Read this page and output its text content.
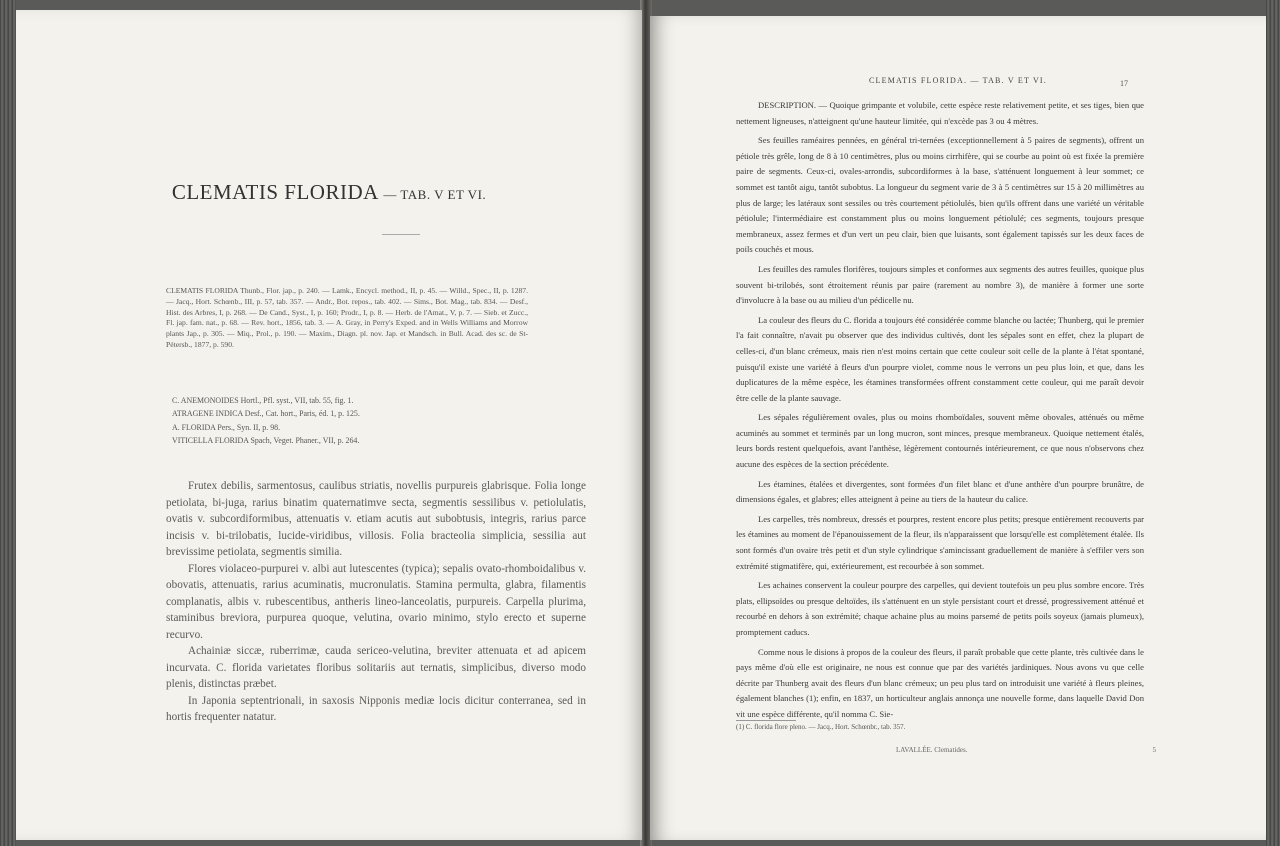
CLEMATIS FLORIDA — TAB. V ET VI.

CLEMATIS FLORIDA Thunb., Flor. jap., p. 240. — Lamk., Encycl. method., II, p. 45. — Willd., Spec., II, p. 1287. — Jacq., Hort. Schœnb., III, p. 57, tab. 357. — Andr., Bot. repos., tab. 402. — Sims., Bot. Mag., tab. 834. — Desf., Hist. des Arbres, I, p. 268. — De Cand., Syst., I, p. 160; Prodr., I, p. 8. — Herb. de l'Amat., V, p. 7. — Sieb. et Zucc., Fl. jap. fam. nat., p. 68. — Rev. hort., 1856, tab. 3. — A. Gray, in Perry's Exped. and in Wells Williams and Morrow plants Jap., p. 305. — Miq., Prol., p. 190. — Maxim., Diagn. pl. nov. Jap. et Mandsch. in Bull. Acad. des sc. de St-Pétersb., 1877, p. 590.

C. ANEMONOIDES Hortl., Pfl. syst., VII, tab. 55, fig. 1.
ATRAGENE INDICA Desf., Cat. hort., Paris, éd. 1, p. 125.
A. FLORIDA Pers., Syn. II, p. 98.
VITICELLA FLORIDA Spach, Veget. Phaner., VII, p. 264.

Frutex debilis, sarmentosus, caulibus striatis, novellis purpureis glabrisque. Folia longe petiolata, bi-juga, rarius binatim quaternatimve secta, segmentis sessilibus v. petiolulatis, ovatis v. subcordiformibus, attenuatis v. etiam acutis aut subobtusis, integris, rarius parce incisis v. bi-trilobatis, lucide-viridibus, villosis. Folia bracteolia simplicia, sessilia aut brevissime petiolata, segmentis similia.

Flores violaceo-purpurei v. albi aut lutescentes (typica); sepalis ovato-rhomboidalibus v. obovatis, attenuatis, rarius acuminatis, mucronulatis. Stamina permulta, glabra, filamentis complanatis, albis v. rubescentibus, antheris lineo-lanceolatis, purpureis. Carpella plurima, staminibus breviora, purpurea quoque, velutina, ovario minimo, stylo erecto et superne recurvo.

Achainiæ siccæ, ruberrimæ, cauda sericeo-velutina, breviter attenuata et ad apicem incurvata. C. florida varietates floribus solitariis aut ternatis, simplicibus, diverso modo plenis, distinctas præbet.

In Japonia septentrionali, in saxosis Nipponis mediæ locis dicitur conterranea, sed in hortis frequenter natatur.

CLEMATIS FLORIDA. — TAB. V ET VI.	17

DESCRIPTION. — Quoique grimpante et volubile, cette espèce reste relativement petite, et ses tiges, bien que nettement ligneuses, n'atteignent qu'une hauteur limitée, qui n'excède pas 3 ou 4 mètres.

Ses feuilles raméaires pennées, en général tri-ternées (exceptionnellement à 5 paires de segments), offrent un pétiole très grêle, long de 8 à 10 centimètres, plus ou moins cirrhifère, qui se courbe au point où est fixée la première paire de segments. Ceux-ci, ovales-arrondis, subcordiformes à la base, s'atténuent longuement à leur sommet; ce sommet est tantôt aigu, tantôt subobtus. La longueur du segment varie de 3 à 5 centimètres sur 15 à 20 millimètres au plus de large; les latéraux sont sessiles ou très courtement pétiolulés, bien qu'ils offrent dans une variété un véritable pétiolule; l'intermédiaire est constamment plus ou moins longuement pétiolulé; ces segments, toujours presque membraneux, assez fermes et d'un vert un peu clair, bien que luisants, sont également tapissés sur les deux faces de poils couchés et mous.

Les feuilles des ramules florifères, toujours simples et conformes aux segments des autres feuilles, quoique plus souvent bi-trilobés, sont étroitement réunis par paire (rarement au nombre 3), de manière à former une sorte d'involucre à la base ou au milieu d'un pédicelle nu.

La couleur des fleurs du C. florida a toujours été considérée comme blanche ou lactée; Thunberg, qui le premier l'a fait connaître, n'avait pu observer que des individus cultivés, dont les sépales sont en effet, chez la plupart de celles-ci, d'un blanc crémeux, mais rien n'est moins certain que cette couleur soit celle de la plante à l'état spontané, puisqu'il existe une variété à fleurs d'un pourpre violet, comme nous le verrons un peu plus loin, et que, dans les duplicatures de la même espèce, les étamines transformées offrent constamment cette couleur, qui me paraît devoir être celle de la plante sauvage.

Les sépales régulièrement ovales, plus ou moins rhomboïdales, souvent même obovales, atténués ou même acuminés au sommet et terminés par un long mucron, sont minces, presque membraneux. Quoique nettement étalés, leurs bords restent quelquefois, avant l'anthèse, légèrement contournés intérieurement, ce que nous n'observons chez aucune des espèces de la section précédente.

Les étamines, étalées et divergentes, sont formées d'un filet blanc et d'une anthère d'un pourpre brunâtre, de dimensions égales, et glabres; elles atteignent à peine au tiers de la hauteur du calice.

Les carpelles, très nombreux, dressés et pourpres, restent encore plus petits; presque entièrement recouverts par les étamines au moment de l'épanouissement de la fleur, ils n'apparaissent que lorsqu'elle est complètement étalée. Ils sont formés d'un ovaire très petit et d'un style cylindrique s'amincissant graduellement de manière à s'effiler vers son extrémité stigmatifère, qui, extérieurement, est recourbée à son sommet.

Les achaines conservent la couleur pourpre des carpelles, qui devient toutefois un peu plus sombre encore. Très plats, ellipsoïdes ou presque deltoïdes, ils s'atténuent en un style persistant court et dressé, progressivement atténué et recourbé en dehors à son extrémité; chaque achaine plus au moins parsemé de petits poils soyeux (jamais plumeux), promptement caducs.

Comme nous le disions à propos de la couleur des fleurs, il paraît probable que cette plante, très cultivée dans le pays même d'où elle est originaire, ne nous est connue que par des variétés jardiniques. Nous avons vu que celle décrite par Thunberg avait des fleurs d'un blanc crémeux; un peu plus tard on introduisit une variété à fleurs pleines, également blanches (1); enfin, en 1837, un horticulteur anglais annonça une nouvelle forme, dans laquelle David Don vit une espèce différente, qu'il nomma C. Sie-

(1) C. florida flore pleno. — Jacq., Hort. Schœnbr., tab. 357.
LAVALLÉE. Clematides.	5
